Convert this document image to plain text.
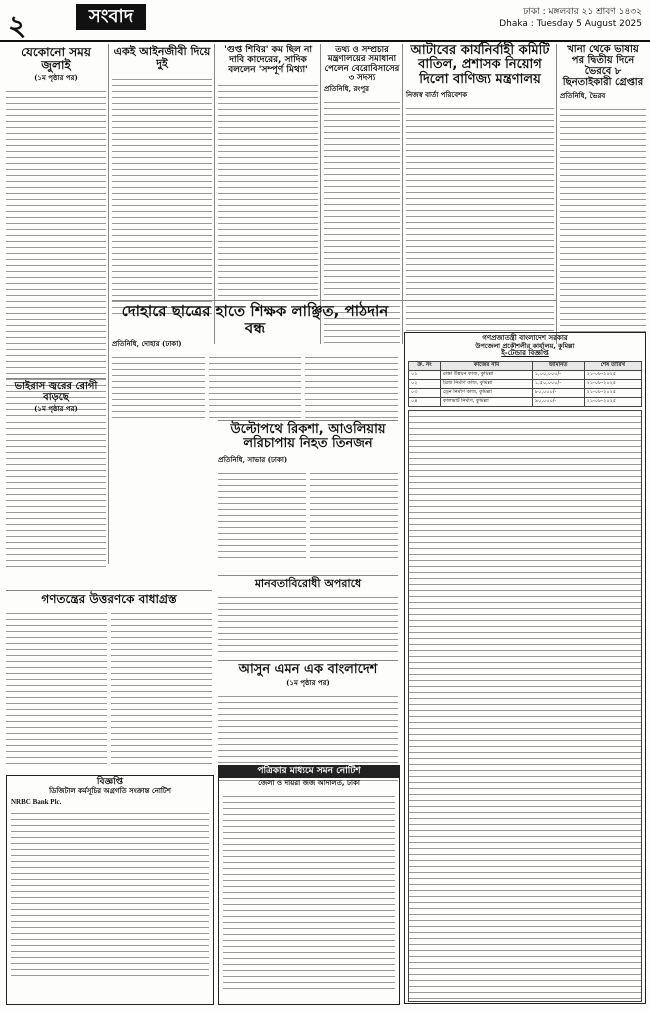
২	সংবাদ	ঢাকা : মঙ্গলবার ২১ শ্রাবণ ১৪৩২
Dhaka : Tuesday 5 August 2025
যেকোনো সময় জুলাই
(১ম পৃষ্ঠার পর)
একই আইনজীবী দিয়ে দুই
'গুপ্ত শিবির' কম ছিল না দাবি কাদেরের, সাদিক বললেন 'সম্পূর্ণ মিথ্যা'
তথ্য ও সম্প্রচার মন্ত্রণালয়ের সমাধানা পেলেন বেরোবিসাসের ৩ সদস্য
প্রতিনিধি, রংপুর
আটাবের কার্যনির্বাহী কমিটি বাতিল, প্রশাসক নিয়োগ দিলো বাণিজ্য মন্ত্রণালয়
নিজস্ব বার্তা পরিবেশক
খানা থেকে ভাষায় পর দ্বিতীয় দিনে ভৈরবে ৮ ছিনতাইকারী গ্রেপ্তার
প্রতিনিধি, ভৈরব
দোহারে ছাত্রের হাতে শিক্ষক লাঞ্ছিত, পাঠদান বন্ধ
প্রতিনিধি, দোহার (ঢাকা)
ভাইরাস জ্বরের রোগী বাড়ছে
(১ম পৃষ্ঠার পর)
উল্টোপথে রিকশা, আওলিয়ায় লরিচাপায় নিহত তিনজন
প্রতিনিধি, সাভার (ঢাকা)
মানবতাবিরোধী অপরাধে
আসুন এমন এক বাংলাদেশ
(১ম পৃষ্ঠার পর)
গণতন্ত্রের উত্তরণকে বাধাগ্রস্ত
বিজ্ঞপ্তি
ডিজিটাল কর্মসূচির অগ্রগতি সংক্রান্ত নোটিশ
NRBC Bank Plc.
পত্রিকার মাধ্যমে সমন নোটিশ
জেলা ও দায়রা জজ আদালত, ঢাকা
গণপ্রজাতন্ত্রী বাংলাদেশ সরকার
উপজেলা প্রকৌশলীর কার্যালয়, কুমিল্লা
ই-টেন্ডার বিজ্ঞপ্তি
ক্র. নং	কাজের নাম	জামানত	শেষ তারিখ
০১	রাস্তা উন্নয়ন কাজ, কুমিল্লা	১,০০,০০০/-	২১-০৮-২০২৫
০২	ব্রিজ নির্মাণ কাজ, কুমিল্লা	১,৫০,০০০/-	২১-০৮-২০২৫
০৩	ড্রেন নির্মাণ কাজ, কুমিল্লা	৮০,০০০/-	২১-০৮-২০২৫
০৪	কালভার্ট নির্মাণ, কুমিল্লা	৯০,০০০/-	২১-০৮-২০২৫
